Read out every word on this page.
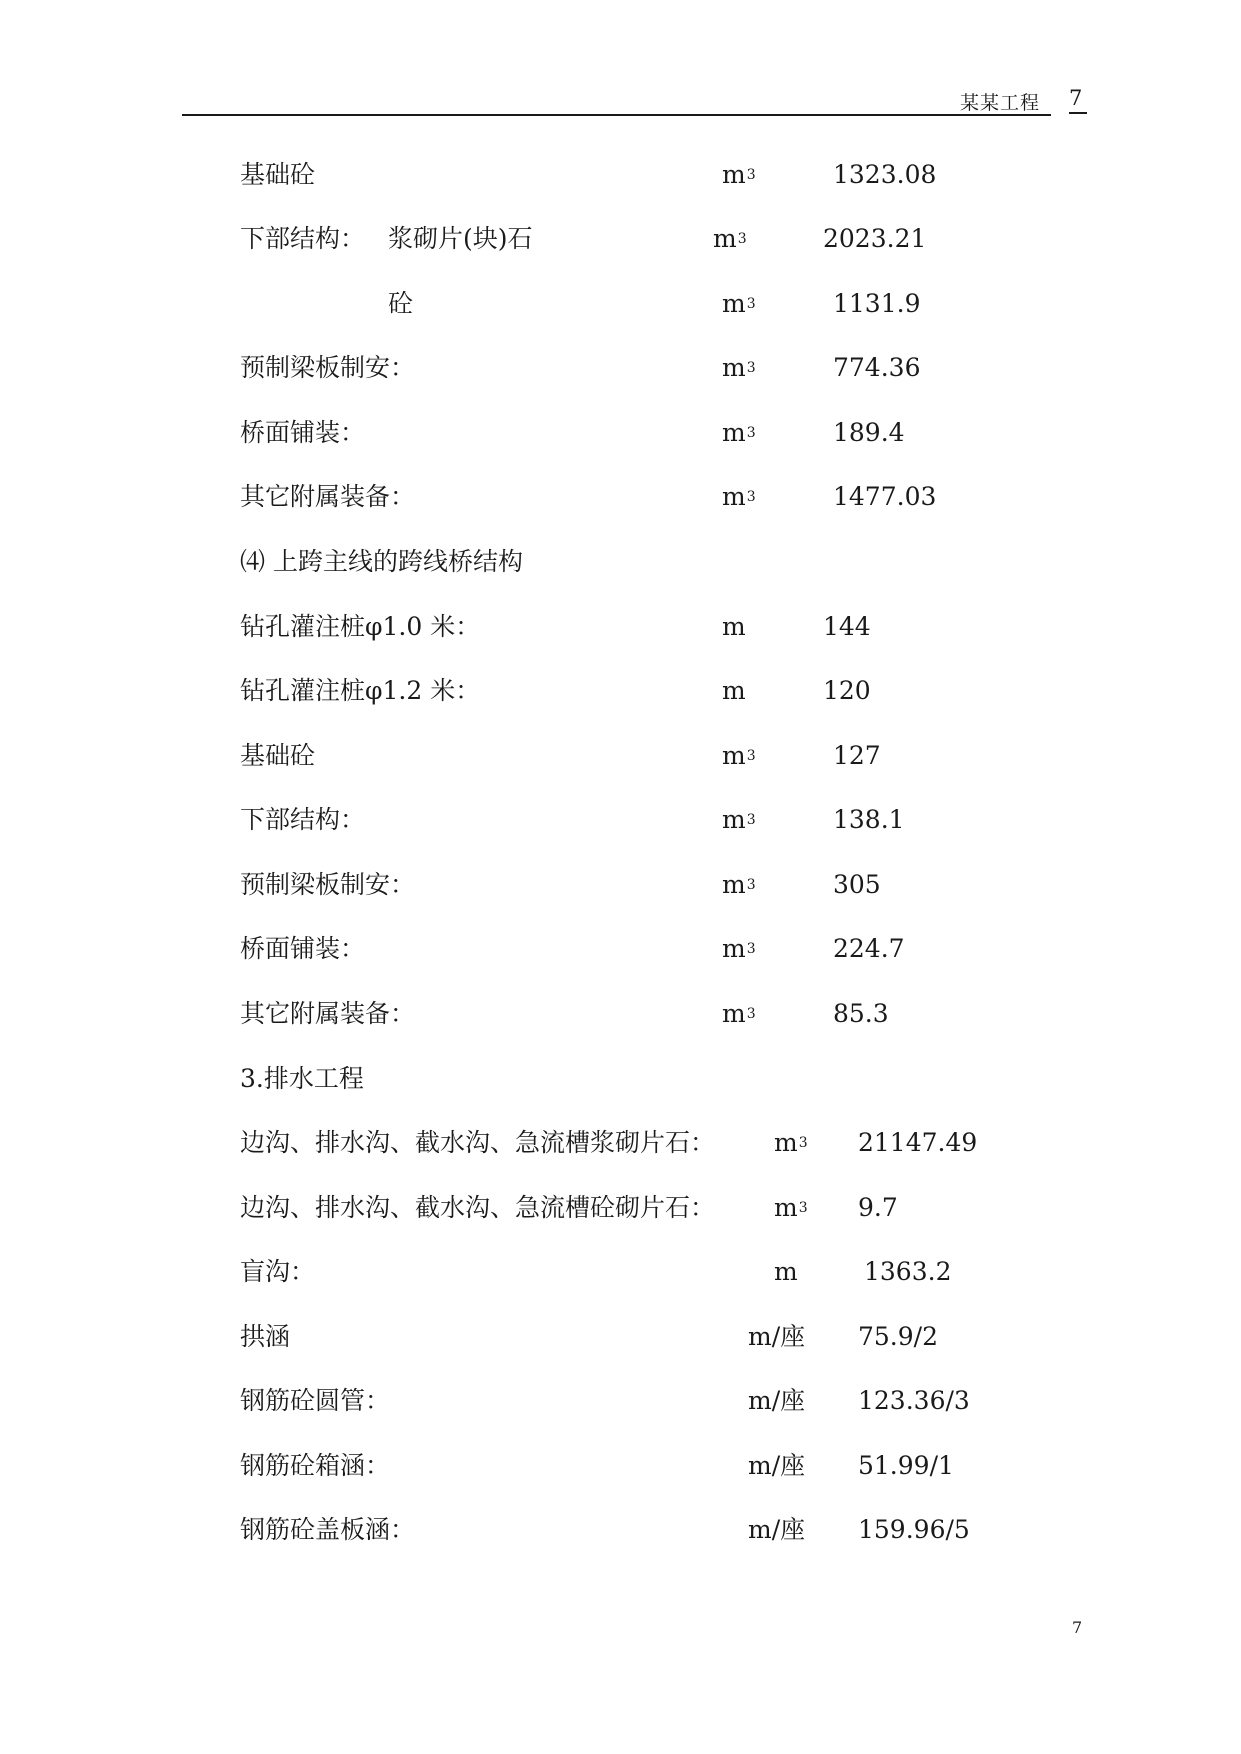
某某工程 7
基础砼	m 3	1323.08
下部结构： 浆砌片(块)石	m 3	2023.21
砼	m 3	1131.9
预制梁板制安：	m 3	774.36
桥面铺装：	m 3	189.4
其它附属装备：	m 3	1477.03
⑷ 上跨主线的跨线桥结构
钻孔灌注桩φ1.0 米：	m	144
钻孔灌注桩φ1.2 米：	m	120
基础砼	m 3	127
下部结构：	m 3	138.1
预制梁板制安：	m 3	305
桥面铺装：	m 3	224.7
其它附属装备：	m 3	85.3
3.排水工程
边沟、排水沟、截水沟、急流槽浆砌片石： m 3 21147.49
边沟、排水沟、截水沟、急流槽砼砌片石： m 3 9.7
盲沟：	m	1363.2
拱涵	m/座 75.9/2
钢筋砼圆管：	m/座 123.36/3
钢筋砼箱涵：	m/座 51.99/1
钢筋砼盖板涵：	m/座 159.96/5
7
